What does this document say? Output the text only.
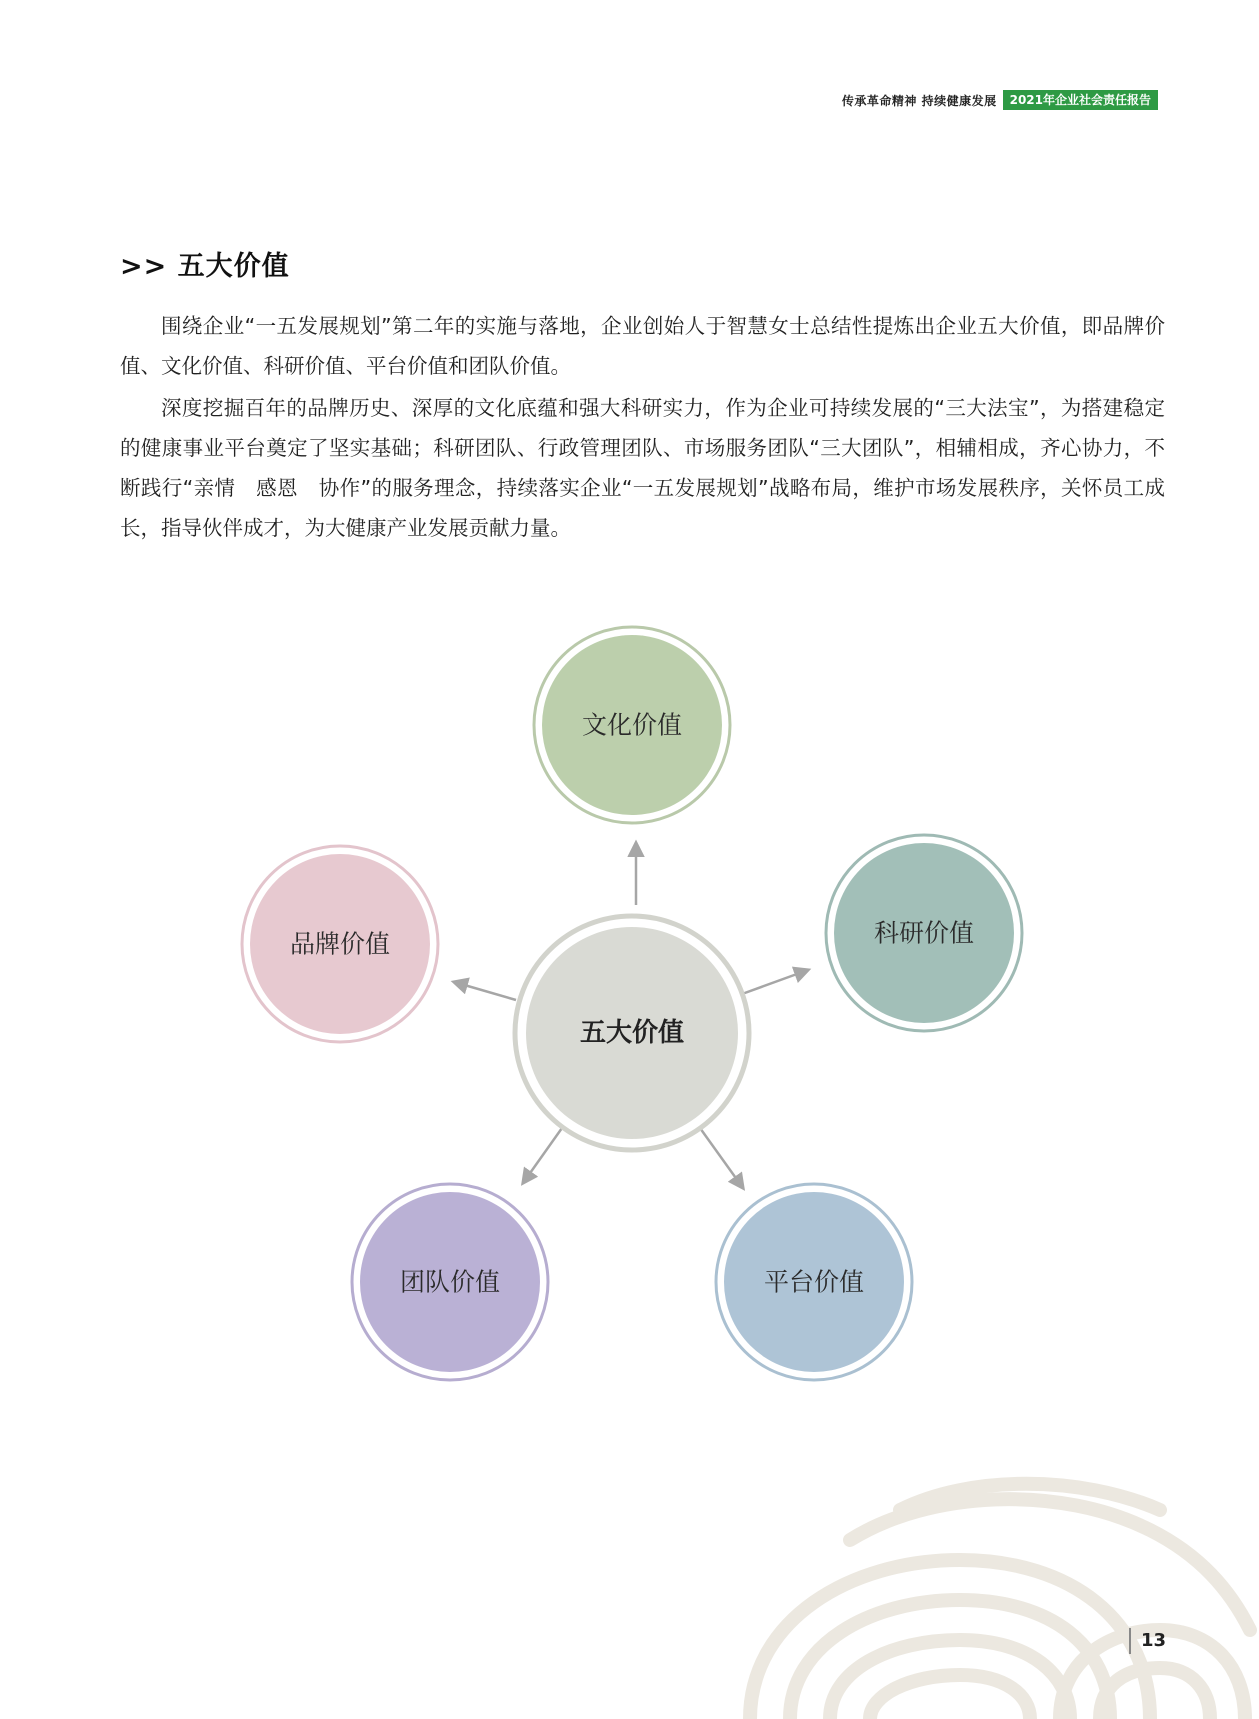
传承革命精神 持续健康发展	2021年企业社会责任报告
>> 五大价值

围绕企业“一五发展规划”第二年的实施与落地，企业创始人于智慧女士总结性提炼出企业五大价值，即品牌价值、文化价值、科研价值、平台价值和团队价值。

深度挖掘百年的品牌历史、深厚的文化底蕴和强大科研实力，作为企业可持续发展的“三大法宝”，为搭建稳定的健康事业平台奠定了坚实基础；科研团队、行政管理团队、市场服务团队“三大团队”，相辅相成，齐心协力，不断践行“亲情　感恩　协作”的服务理念，持续落实企业“一五发展规划”战略布局，维护市场发展秩序，关怀员工成长，指导伙伴成才，为大健康产业发展贡献力量。

五大价值
文化价值
科研价值
平台价值
团队价值
品牌价值
13
